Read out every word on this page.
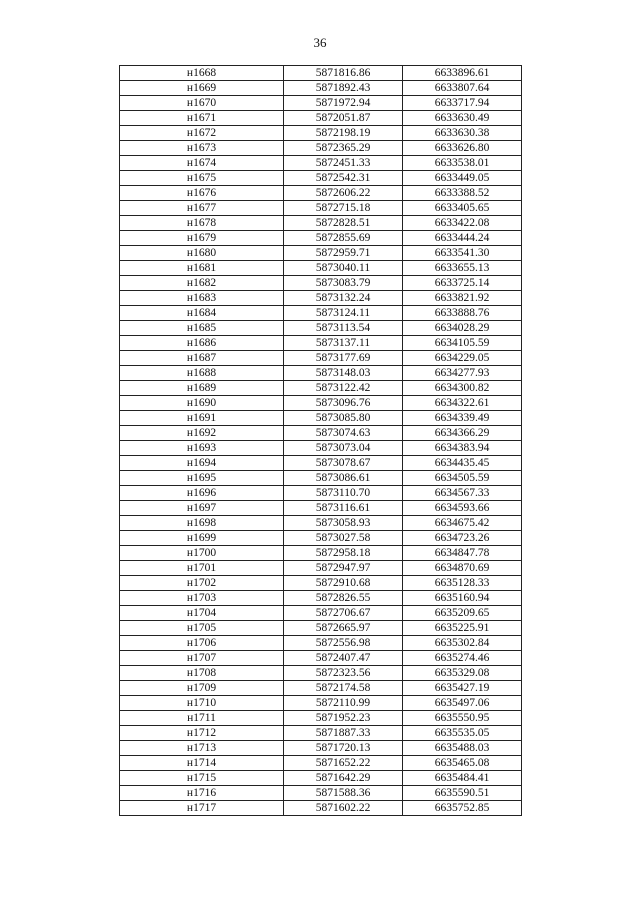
36
н1668	5871816.86	6633896.61
н1669	5871892.43	6633807.64
н1670	5871972.94	6633717.94
н1671	5872051.87	6633630.49
н1672	5872198.19	6633630.38
н1673	5872365.29	6633626.80
н1674	5872451.33	6633538.01
н1675	5872542.31	6633449.05
н1676	5872606.22	6633388.52
н1677	5872715.18	6633405.65
н1678	5872828.51	6633422.08
н1679	5872855.69	6633444.24
н1680	5872959.71	6633541.30
н1681	5873040.11	6633655.13
н1682	5873083.79	6633725.14
н1683	5873132.24	6633821.92
н1684	5873124.11	6633888.76
н1685	5873113.54	6634028.29
н1686	5873137.11	6634105.59
н1687	5873177.69	6634229.05
н1688	5873148.03	6634277.93
н1689	5873122.42	6634300.82
н1690	5873096.76	6634322.61
н1691	5873085.80	6634339.49
н1692	5873074.63	6634366.29
н1693	5873073.04	6634383.94
н1694	5873078.67	6634435.45
н1695	5873086.61	6634505.59
н1696	5873110.70	6634567.33
н1697	5873116.61	6634593.66
н1698	5873058.93	6634675.42
н1699	5873027.58	6634723.26
н1700	5872958.18	6634847.78
н1701	5872947.97	6634870.69
н1702	5872910.68	6635128.33
н1703	5872826.55	6635160.94
н1704	5872706.67	6635209.65
н1705	5872665.97	6635225.91
н1706	5872556.98	6635302.84
н1707	5872407.47	6635274.46
н1708	5872323.56	6635329.08
н1709	5872174.58	6635427.19
н1710	5872110.99	6635497.06
н1711	5871952.23	6635550.95
н1712	5871887.33	6635535.05
н1713	5871720.13	6635488.03
н1714	5871652.22	6635465.08
н1715	5871642.29	6635484.41
н1716	5871588.36	6635590.51
н1717	5871602.22	6635752.85
